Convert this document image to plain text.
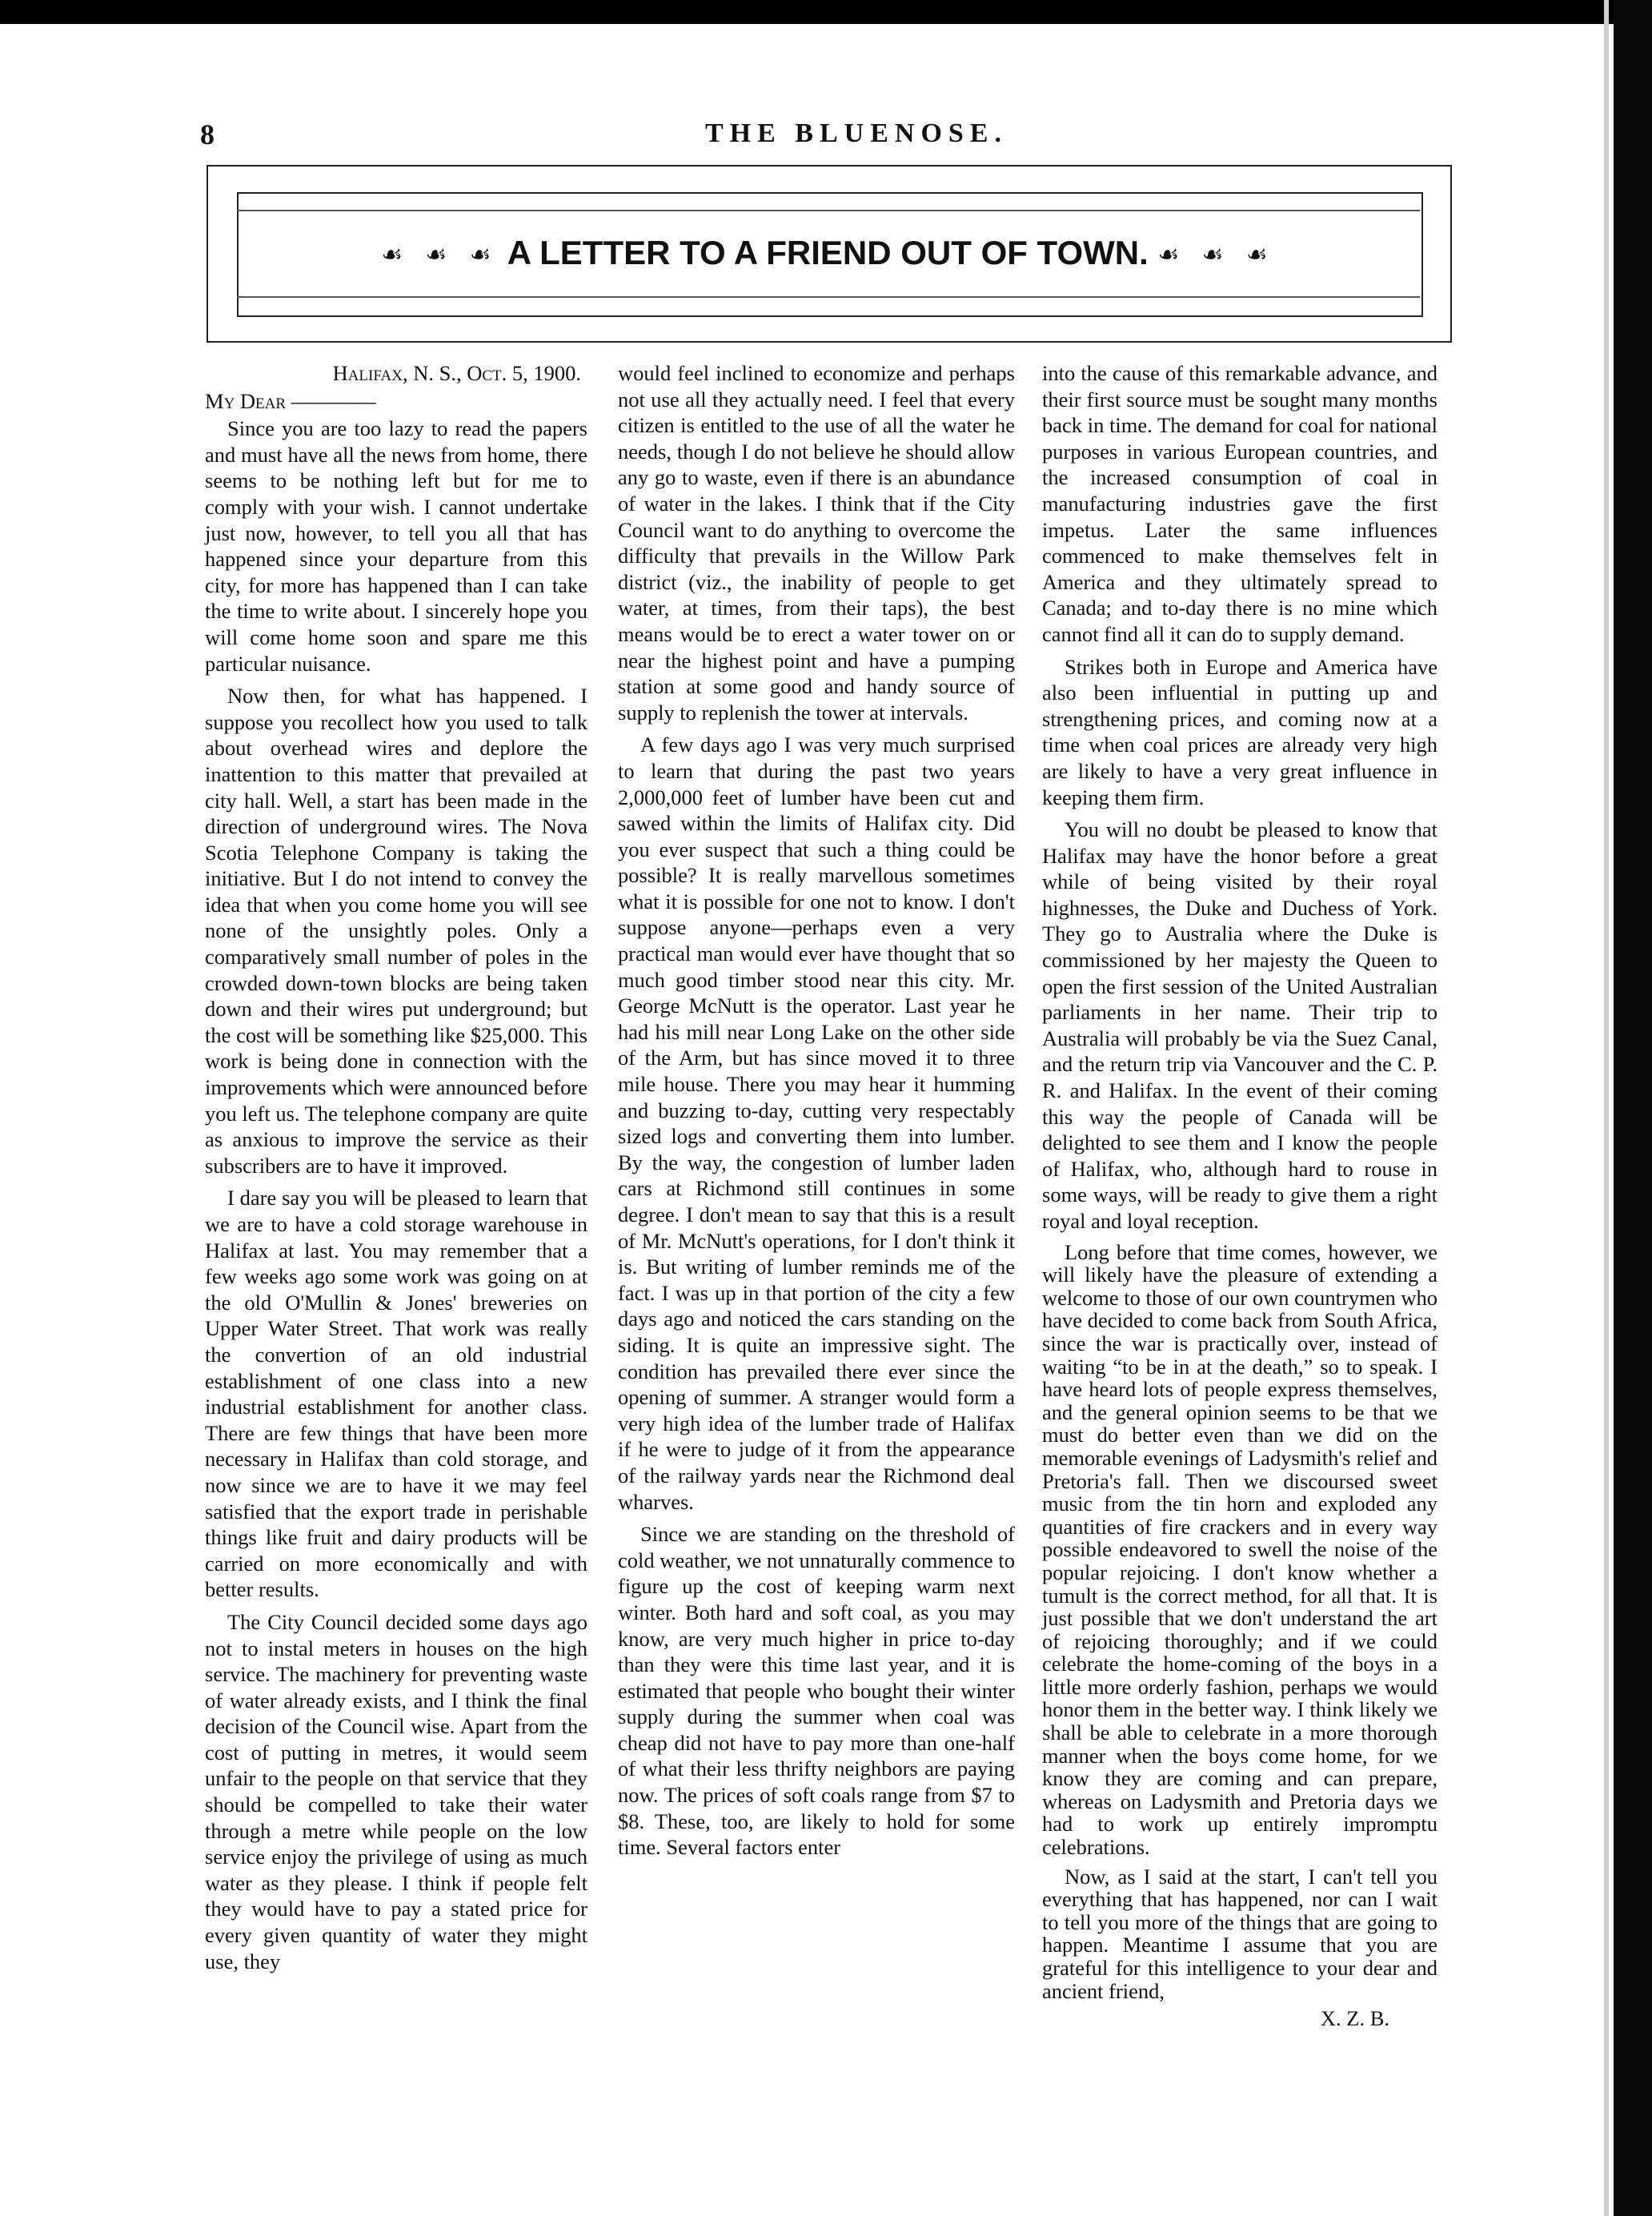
8	THE BLUENOSE.
☙ ☙ ☙ A LETTER TO A FRIEND OUT OF TOWN. ☙ ☙ ☙
Halifax, N. S., Oct. 5, 1900.
My Dear ————

Since you are too lazy to read the papers and must have all the news from home, there seems to be nothing left but for me to comply with your wish. I cannot undertake just now, however, to tell you all that has happened since your departure from this city, for more has happened than I can take the time to write about. I sincerely hope you will come home soon and spare me this particular nuisance.

Now then, for what has happened. I suppose you recollect how you used to talk about overhead wires and deplore the inattention to this matter that prevailed at city hall. Well, a start has been made in the direction of underground wires. The Nova Scotia Telephone Company is taking the initiative. But I do not intend to convey the idea that when you come home you will see none of the unsightly poles. Only a comparatively small number of poles in the crowded down-town blocks are being taken down and their wires put underground; but the cost will be something like $25,000. This work is being done in connection with the improvements which were announced before you left us. The telephone company are quite as anxious to improve the service as their subscribers are to have it improved.

I dare say you will be pleased to learn that we are to have a cold storage warehouse in Halifax at last. You may remember that a few weeks ago some work was going on at the old O'Mullin & Jones' breweries on Upper Water Street. That work was really the convertion of an old industrial establishment of one class into a new industrial establishment for another class. There are few things that have been more necessary in Halifax than cold storage, and now since we are to have it we may feel satisfied that the export trade in perishable things like fruit and dairy products will be carried on more economically and with better results.

The City Council decided some days ago not to instal meters in houses on the high service. The machinery for preventing waste of water already exists, and I think the final decision of the Council wise. Apart from the cost of putting in metres, it would seem unfair to the people on that service that they should be compelled to take their water through a metre while people on the low service enjoy the privilege of using as much water as they please. I think if people felt they would have to pay a stated price for every given quantity of water they might use, they

would feel inclined to economize and perhaps not use all they actually need. I feel that every citizen is entitled to the use of all the water he needs, though I do not believe he should allow any go to waste, even if there is an abundance of water in the lakes. I think that if the City Council want to do anything to overcome the difficulty that prevails in the Willow Park district (viz., the inability of people to get water, at times, from their taps), the best means would be to erect a water tower on or near the highest point and have a pumping station at some good and handy source of supply to replenish the tower at intervals.

A few days ago I was very much surprised to learn that during the past two years 2,000,000 feet of lumber have been cut and sawed within the limits of Halifax city. Did you ever suspect that such a thing could be possible? It is really marvellous sometimes what it is possible for one not to know. I don't suppose anyone—perhaps even a very practical man would ever have thought that so much good timber stood near this city. Mr. George McNutt is the operator. Last year he had his mill near Long Lake on the other side of the Arm, but has since moved it to three mile house. There you may hear it humming and buzzing to-day, cutting very respectably sized logs and converting them into lumber. By the way, the congestion of lumber laden cars at Richmond still continues in some degree. I don't mean to say that this is a result of Mr. McNutt's operations, for I don't think it is. But writing of lumber reminds me of the fact. I was up in that portion of the city a few days ago and noticed the cars standing on the siding. It is quite an impressive sight. The condition has prevailed there ever since the opening of summer. A stranger would form a very high idea of the lumber trade of Halifax if he were to judge of it from the appearance of the railway yards near the Richmond deal wharves.

Since we are standing on the threshold of cold weather, we not unnaturally commence to figure up the cost of keeping warm next winter. Both hard and soft coal, as you may know, are very much higher in price to-day than they were this time last year, and it is estimated that people who bought their winter supply during the summer when coal was cheap did not have to pay more than one-half of what their less thrifty neighbors are paying now. The prices of soft coals range from $7 to $8. These, too, are likely to hold for some time. Several factors enter

into the cause of this remarkable advance, and their first source must be sought many months back in time. The demand for coal for national purposes in various European countries, and the increased consumption of coal in manufacturing industries gave the first impetus. Later the same influences commenced to make themselves felt in America and they ultimately spread to Canada; and to-day there is no mine which cannot find all it can do to supply demand.

Strikes both in Europe and America have also been influential in putting up and strengthening prices, and coming now at a time when coal prices are already very high are likely to have a very great influence in keeping them firm.

You will no doubt be pleased to know that Halifax may have the honor before a great while of being visited by their royal highnesses, the Duke and Duchess of York. They go to Australia where the Duke is commissioned by her majesty the Queen to open the first session of the United Australian parliaments in her name. Their trip to Australia will probably be via the Suez Canal, and the return trip via Vancouver and the C. P. R. and Halifax. In the event of their coming this way the people of Canada will be delighted to see them and I know the people of Halifax, who, although hard to rouse in some ways, will be ready to give them a right royal and loyal reception.

Long before that time comes, however, we will likely have the pleasure of extending a welcome to those of our own countrymen who have decided to come back from South Africa, since the war is practically over, instead of waiting “to be in at the death,” so to speak. I have heard lots of people express themselves, and the general opinion seems to be that we must do better even than we did on the memorable evenings of Ladysmith's relief and Pretoria's fall. Then we discoursed sweet music from the tin horn and exploded any quantities of fire crackers and in every way possible endeavored to swell the noise of the popular rejoicing. I don't know whether a tumult is the correct method, for all that. It is just possible that we don't understand the art of rejoicing thoroughly; and if we could celebrate the home-coming of the boys in a little more orderly fashion, perhaps we would honor them in the better way. I think likely we shall be able to celebrate in a more thorough manner when the boys come home, for we know they are coming and can prepare, whereas on Ladysmith and Pretoria days we had to work up entirely impromptu celebrations.

Now, as I said at the start, I can't tell you everything that has happened, nor can I wait to tell you more of the things that are going to happen. Meantime I assume that you are grateful for this intelligence to your dear and ancient friend,

X. Z. B.
